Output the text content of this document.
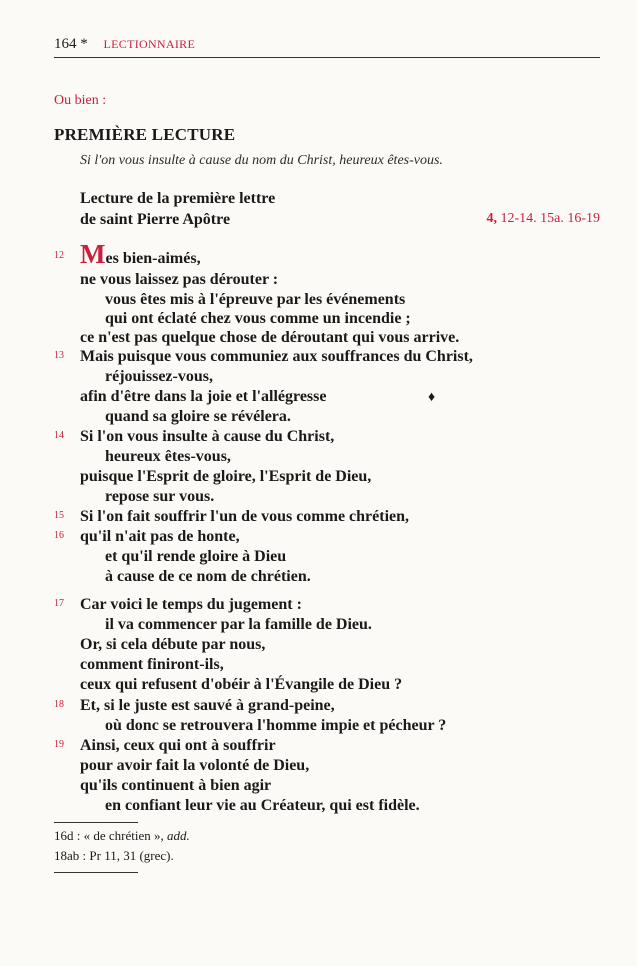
164 * LECTIONNAIRE
Ou bien :
PREMIÈRE LECTURE
Si l'on vous insulte à cause du nom du Christ, heureux êtes-vous.
Lecture de la première lettre
de saint Pierre Apôtre	4, 12-14. 15a. 16-19
12
13
14
15
16
17
18
19
Mes bien-aimés,
ne vous laissez pas dérouter :
vous êtes mis à l'épreuve par les événements
qui ont éclaté chez vous comme un incendie ;
ce n'est pas quelque chose de déroutant qui vous arrive.
Mais puisque vous communiez aux souffrances du Christ,
réjouissez-vous,
afin d'être dans la joie et l'allégresse
quand sa gloire se révélera.
Si l'on vous insulte à cause du Christ,
heureux êtes-vous,
puisque l'Esprit de gloire, l'Esprit de Dieu,
repose sur vous.
Si l'on fait souffrir l'un de vous comme chrétien,
qu'il n'ait pas de honte,
et qu'il rende gloire à Dieu
à cause de ce nom de chrétien.
Car voici le temps du jugement :
il va commencer par la famille de Dieu.
Or, si cela débute par nous,
comment finiront-ils,
ceux qui refusent d'obéir à l'Évangile de Dieu ?
Et, si le juste est sauvé à grand-peine,
où donc se retrouvera l'homme impie et pécheur ?
Ainsi, ceux qui ont à souffrir
pour avoir fait la volonté de Dieu,
qu'ils continuent à bien agir
en confiant leur vie au Créateur, qui est fidèle.
♦
16d : « de chrétien », add.
18ab : Pr 11, 31 (grec).
